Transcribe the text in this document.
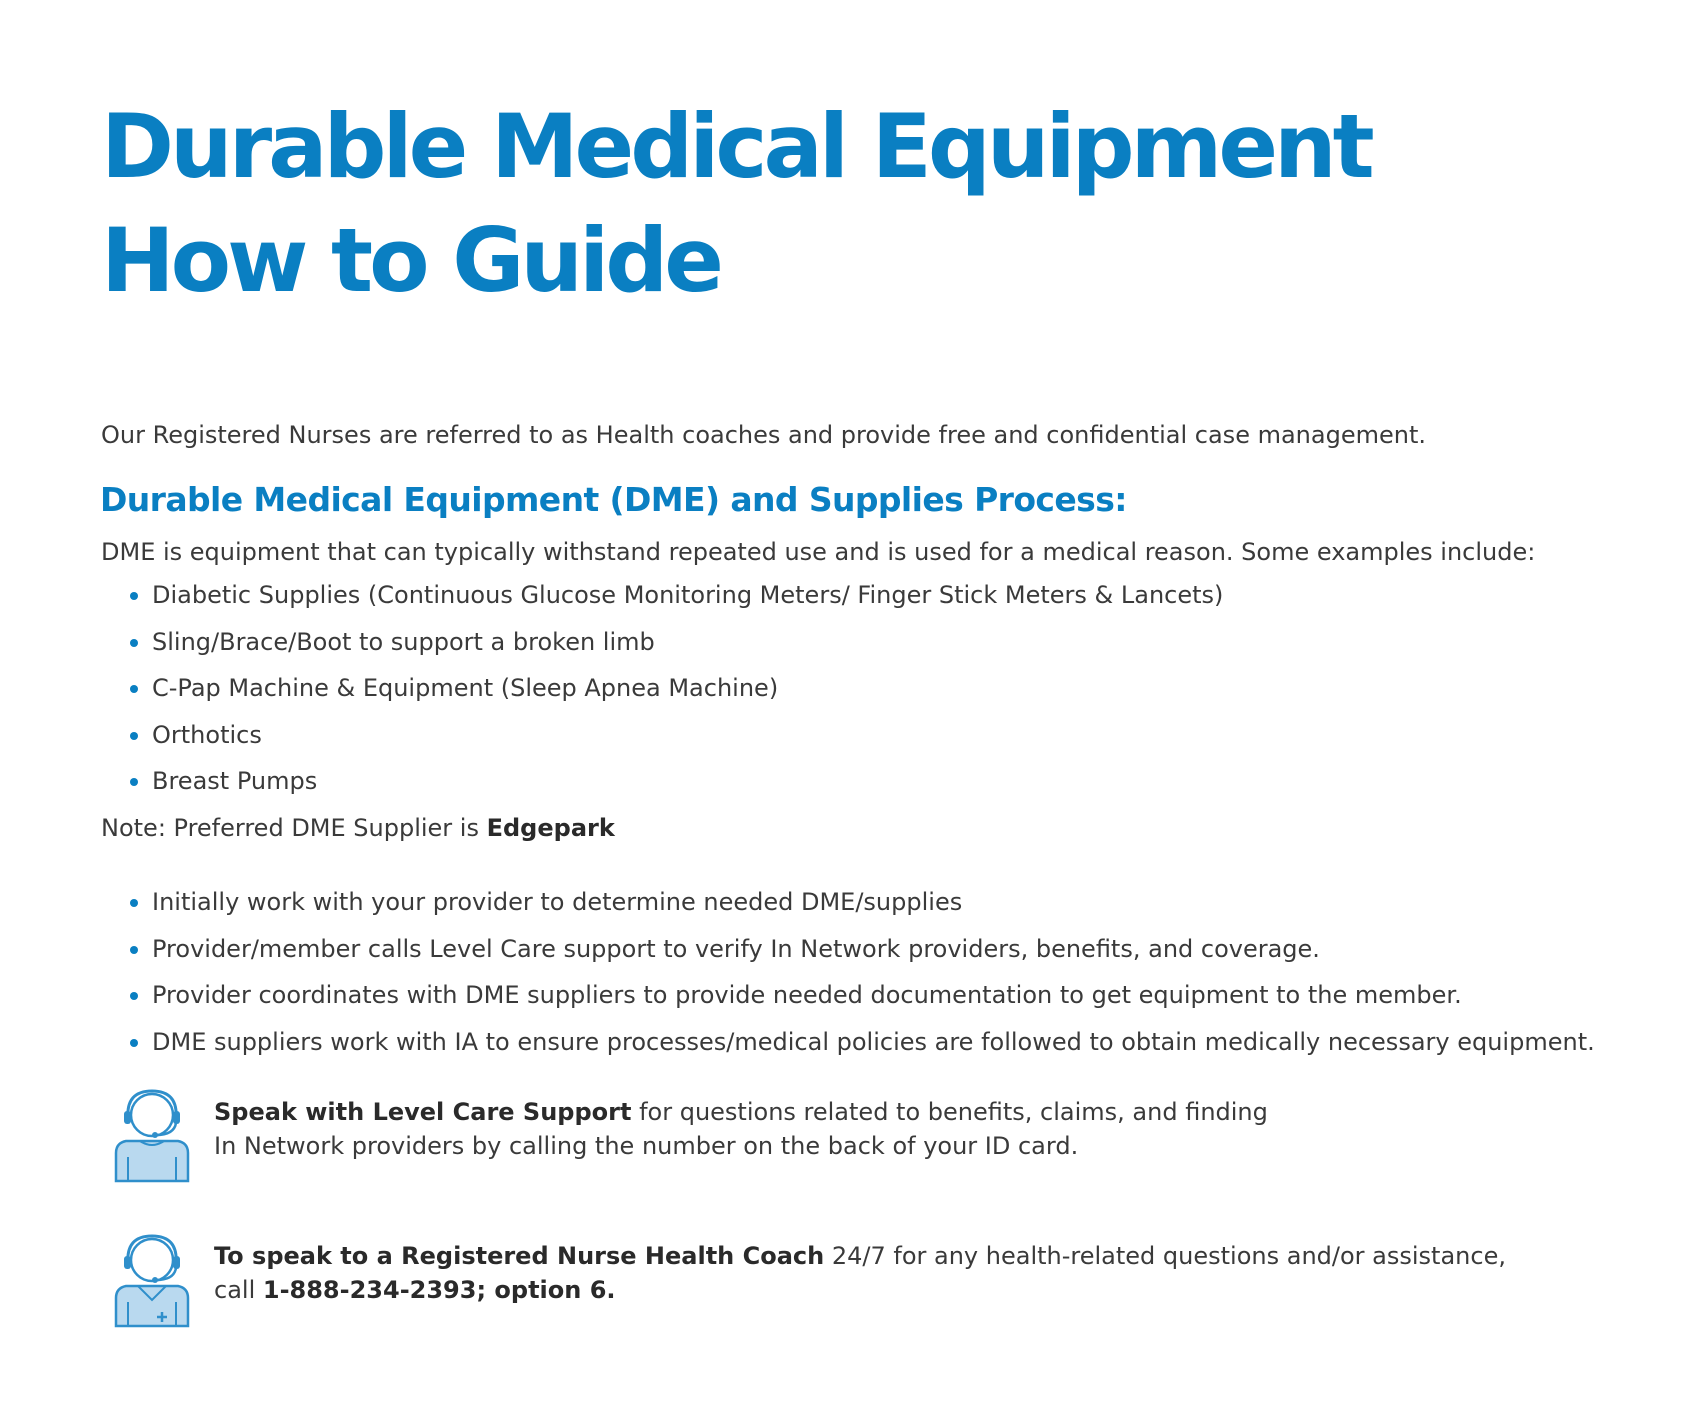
Durable Medical Equipment
How to Guide
Our Registered Nurses are referred to as Health coaches and provide free and confidential case management.
Durable Medical Equipment (DME) and Supplies Process:
DME is equipment that can typically withstand repeated use and is used for a medical reason. Some examples include:
Diabetic Supplies (Continuous Glucose Monitoring Meters/ Finger Stick Meters & Lancets)
Sling/Brace/Boot to support a broken limb
C-Pap Machine & Equipment (Sleep Apnea Machine)
Orthotics
Breast Pumps
Note: Preferred DME Supplier is Edgepark
Initially work with your provider to determine needed DME/supplies
Provider/member calls Level Care support to verify In Network providers, benefits, and coverage.
Provider coordinates with DME suppliers to provide needed documentation to get equipment to the member.
DME suppliers work with IA to ensure processes/medical policies are followed to obtain medically necessary equipment.
Speak with Level Care Support for questions related to benefits, claims, and finding
In Network providers by calling the number on the back of your ID card.
To speak to a Registered Nurse Health Coach 24/7 for any health-related questions and/or assistance,
call 1-888-234-2393; option 6.
